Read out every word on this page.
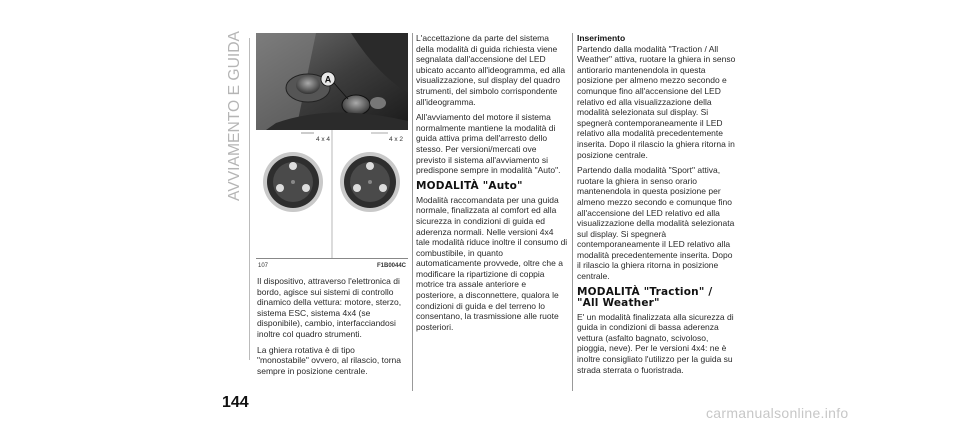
AVVIAMENTO E GUIDA	A
4 x 4	4 x 2
107	F1B0044C

Il dispositivo, attraverso l'elettronica di bordo, agisce sui sistemi di controllo dinamico della vettura: motore, sterzo, sistema ESC, sistema 4x4 (se disponibile), cambio, interfacciandosi inoltre col quadro strumenti.

La ghiera rotativa è di tipo "monostabile" ovvero, al rilascio, torna sempre in posizione centrale.

L'accettazione da parte del sistema della modalità di guida richiesta viene segnalata dall'accensione del LED ubicato accanto all'ideogramma, ed alla visualizzazione, sul display del quadro strumenti, del simbolo corrispondente all'ideogramma.

All'avviamento del motore il sistema normalmente mantiene la modalità di guida attiva prima dell'arresto dello stesso. Per versioni/mercati ove previsto il sistema all'avviamento si predispone sempre in modalità "Auto".

MODALITÀ "Auto"

Modalità raccomandata per una guida normale, finalizzata al comfort ed alla sicurezza in condizioni di guida ed aderenza normali. Nelle versioni 4x4 tale modalità riduce inoltre il consumo di combustibile, in quanto automaticamente provvede, oltre che a modificare la ripartizione di coppia motrice tra assale anteriore e posteriore, a disconnettere, qualora le condizioni di guida e del terreno lo consentano, la trasmissione alle ruote posteriori.

Inserimento

Partendo dalla modalità "Traction / All Weather" attiva, ruotare la ghiera in senso antiorario mantenendola in questa posizione per almeno mezzo secondo e comunque fino all'accensione del LED relativo ed alla visualizzazione della modalità selezionata sul display. Si spegnerà contemporaneamente il LED relativo alla modalità precedentemente inserita. Dopo il rilascio la ghiera ritorna in posizione centrale.

Partendo dalla modalità "Sport" attiva, ruotare la ghiera in senso orario mantenendola in questa posizione per almeno mezzo secondo e comunque fino all'accensione del LED relativo ed alla visualizzazione della modalità selezionata sul display. Si spegnerà contemporaneamente il LED relativo alla modalità precedentemente inserita. Dopo il rilascio la ghiera ritorna in posizione centrale.

MODALITÀ "Traction" / "All Weather"

E' un modalità finalizzata alla sicurezza di guida in condizioni di bassa aderenza vettura (asfalto bagnato, scivoloso, pioggia, neve). Per le versioni 4x4: ne è inoltre consigliato l'utilizzo per la guida su strada sterrata o fuoristrada.

144
carmanualsonline.info
